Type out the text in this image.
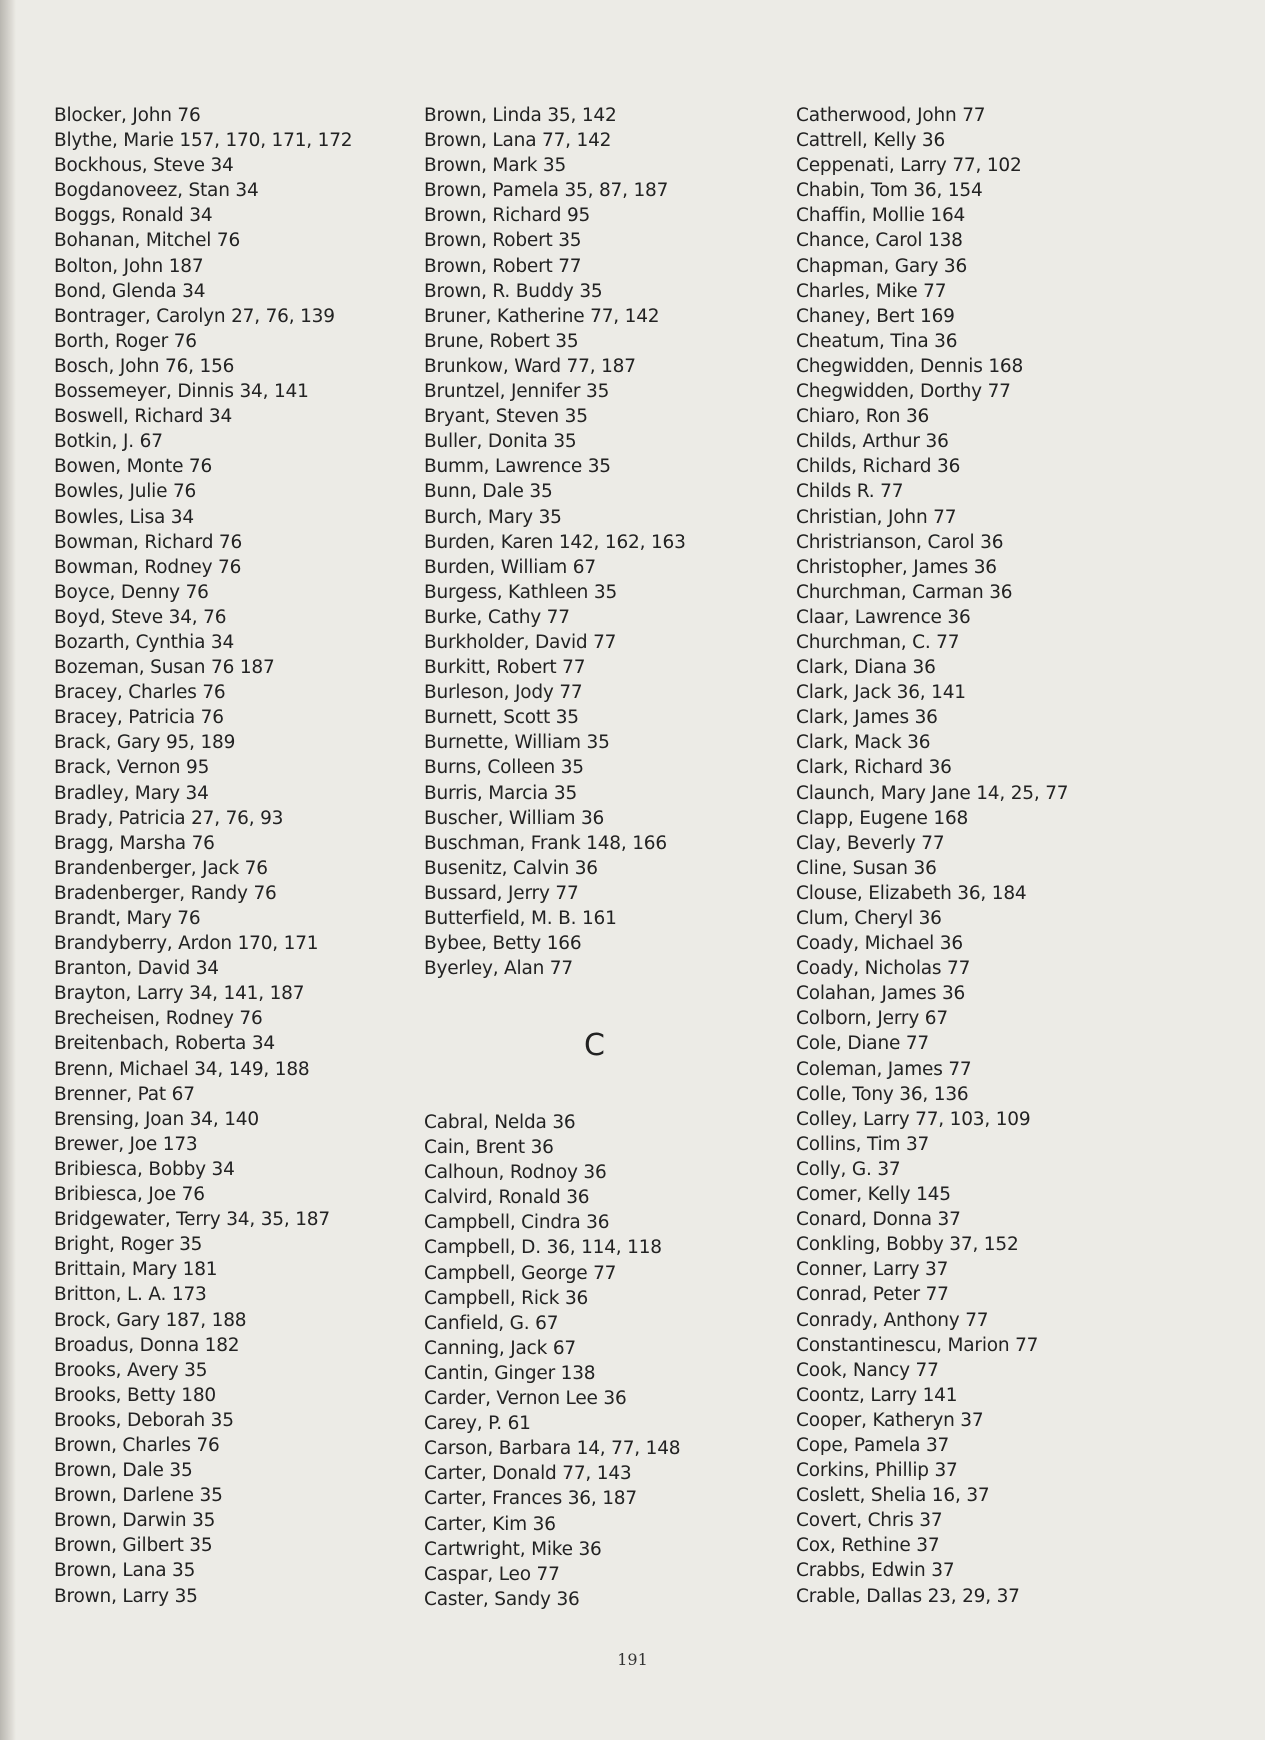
Blocker, John 76
Blythe, Marie 157, 170, 171, 172
Bockhous, Steve 34
Bogdanoveez, Stan 34
Boggs, Ronald 34
Bohanan, Mitchel 76
Bolton, John 187
Bond, Glenda 34
Bontrager, Carolyn 27, 76, 139
Borth, Roger 76
Bosch, John 76, 156
Bossemeyer, Dinnis 34, 141
Boswell, Richard 34
Botkin, J. 67
Bowen, Monte 76
Bowles, Julie 76
Bowles, Lisa 34
Bowman, Richard 76
Bowman, Rodney 76
Boyce, Denny 76
Boyd, Steve 34, 76
Bozarth, Cynthia 34
Bozeman, Susan 76 187
Bracey, Charles 76
Bracey, Patricia 76
Brack, Gary 95, 189
Brack, Vernon 95
Bradley, Mary 34
Brady, Patricia 27, 76, 93
Bragg, Marsha 76
Brandenberger, Jack 76
Bradenberger, Randy 76
Brandt, Mary 76
Brandyberry, Ardon 170, 171
Branton, David 34
Brayton, Larry 34, 141, 187
Brecheisen, Rodney 76
Breitenbach, Roberta 34
Brenn, Michael 34, 149, 188
Brenner, Pat 67
Brensing, Joan 34, 140
Brewer, Joe 173
Bribiesca, Bobby 34
Bribiesca, Joe 76
Bridgewater, Terry 34, 35, 187
Bright, Roger 35
Brittain, Mary 181
Britton, L. A. 173
Brock, Gary 187, 188
Broadus, Donna 182
Brooks, Avery 35
Brooks, Betty 180
Brooks, Deborah 35
Brown, Charles 76
Brown, Dale 35
Brown, Darlene 35
Brown, Darwin 35
Brown, Gilbert 35
Brown, Lana 35
Brown, Larry 35
Brown, Linda 35, 142
Brown, Lana 77, 142
Brown, Mark 35
Brown, Pamela 35, 87, 187
Brown, Richard 95
Brown, Robert 35
Brown, Robert 77
Brown, R. Buddy 35
Bruner, Katherine 77, 142
Brune, Robert 35
Brunkow, Ward 77, 187
Bruntzel, Jennifer 35
Bryant, Steven 35
Buller, Donita 35
Bumm, Lawrence 35
Bunn, Dale 35
Burch, Mary 35
Burden, Karen 142, 162, 163
Burden, William 67
Burgess, Kathleen 35
Burke, Cathy 77
Burkholder, David 77
Burkitt, Robert 77
Burleson, Jody 77
Burnett, Scott 35
Burnette, William 35
Burns, Colleen 35
Burris, Marcia 35
Buscher, William 36
Buschman, Frank 148, 166
Busenitz, Calvin 36
Bussard, Jerry 77
Butterfield, M. B. 161
Bybee, Betty 166
Byerley, Alan 77
C
Cabral, Nelda 36
Cain, Brent 36
Calhoun, Rodnoy 36
Calvird, Ronald 36
Campbell, Cindra 36
Campbell, D. 36, 114, 118
Campbell, George 77
Campbell, Rick 36
Canfield, G. 67
Canning, Jack 67
Cantin, Ginger 138
Carder, Vernon Lee 36
Carey, P. 61
Carson, Barbara 14, 77, 148
Carter, Donald 77, 143
Carter, Frances 36, 187
Carter, Kim 36
Cartwright, Mike 36
Caspar, Leo 77
Caster, Sandy 36
Catherwood, John 77
Cattrell, Kelly 36
Ceppenati, Larry 77, 102
Chabin, Tom 36, 154
Chaffin, Mollie 164
Chance, Carol 138
Chapman, Gary 36
Charles, Mike 77
Chaney, Bert 169
Cheatum, Tina 36
Chegwidden, Dennis 168
Chegwidden, Dorthy 77
Chiaro, Ron 36
Childs, Arthur 36
Childs, Richard 36
Childs R. 77
Christian, John 77
Christrianson, Carol 36
Christopher, James 36
Churchman, Carman 36
Claar, Lawrence 36
Churchman, C. 77
Clark, Diana 36
Clark, Jack 36, 141
Clark, James 36
Clark, Mack 36
Clark, Richard 36
Claunch, Mary Jane 14, 25, 77
Clapp, Eugene 168
Clay, Beverly 77
Cline, Susan 36
Clouse, Elizabeth 36, 184
Clum, Cheryl 36
Coady, Michael 36
Coady, Nicholas 77
Colahan, James 36
Colborn, Jerry 67
Cole, Diane 77
Coleman, James 77
Colle, Tony 36, 136
Colley, Larry 77, 103, 109
Collins, Tim 37
Colly, G. 37
Comer, Kelly 145
Conard, Donna 37
Conkling, Bobby 37, 152
Conner, Larry 37
Conrad, Peter 77
Conrady, Anthony 77
Constantinescu, Marion 77
Cook, Nancy 77
Coontz, Larry 141
Cooper, Katheryn 37
Cope, Pamela 37
Corkins, Phillip 37
Coslett, Shelia 16, 37
Covert, Chris 37
Cox, Rethine 37
Crabbs, Edwin 37
Crable, Dallas 23, 29, 37
191
